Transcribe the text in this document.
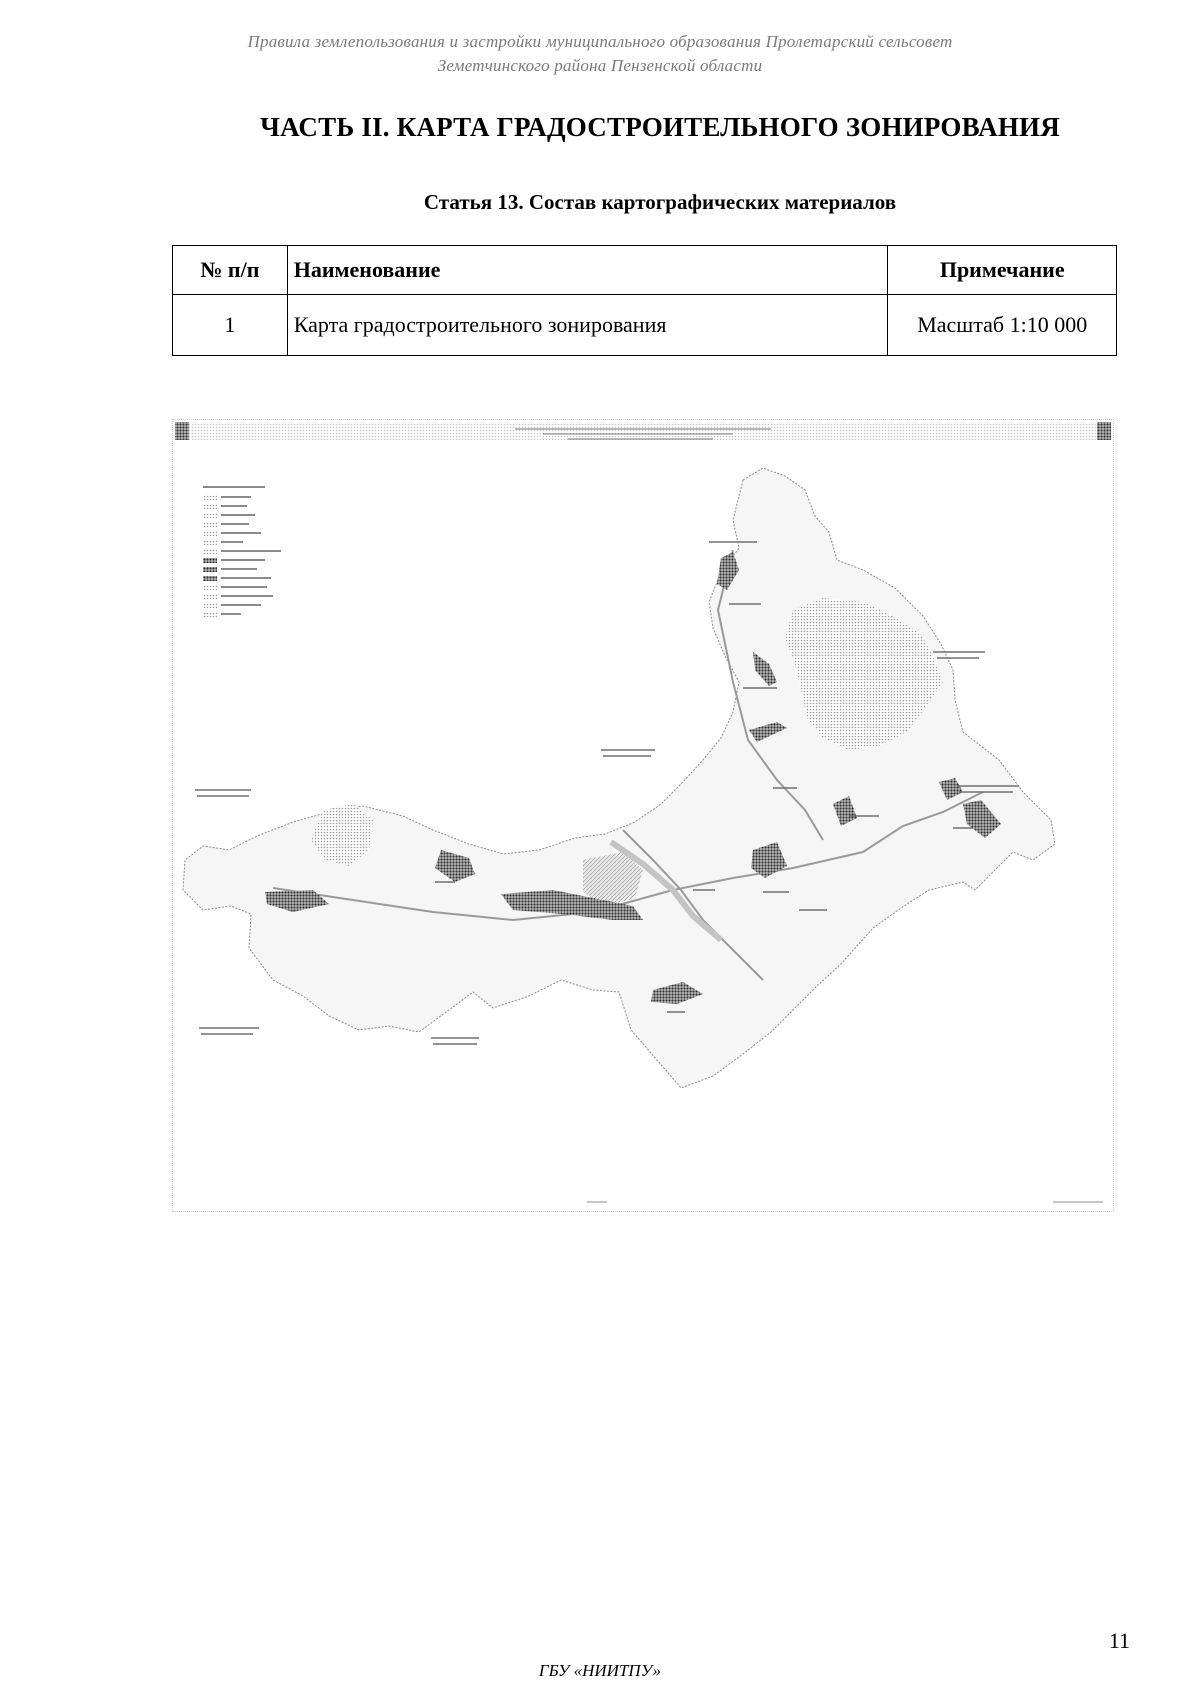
Правила землепользования и застройки муниципального образования Пролетарский сельсовет
Земетчинского района Пензенской области
ЧАСТЬ II. КАРТА ГРАДОСТРОИТЕЛЬНОГО ЗОНИРОВАНИЯ
Статья 13. Состав картографических материалов
№ п/п	Наименование	Примечание
1	Карта градостроительного зонирования	Масштаб 1:10 000
11
ГБУ «НИИТПУ»
